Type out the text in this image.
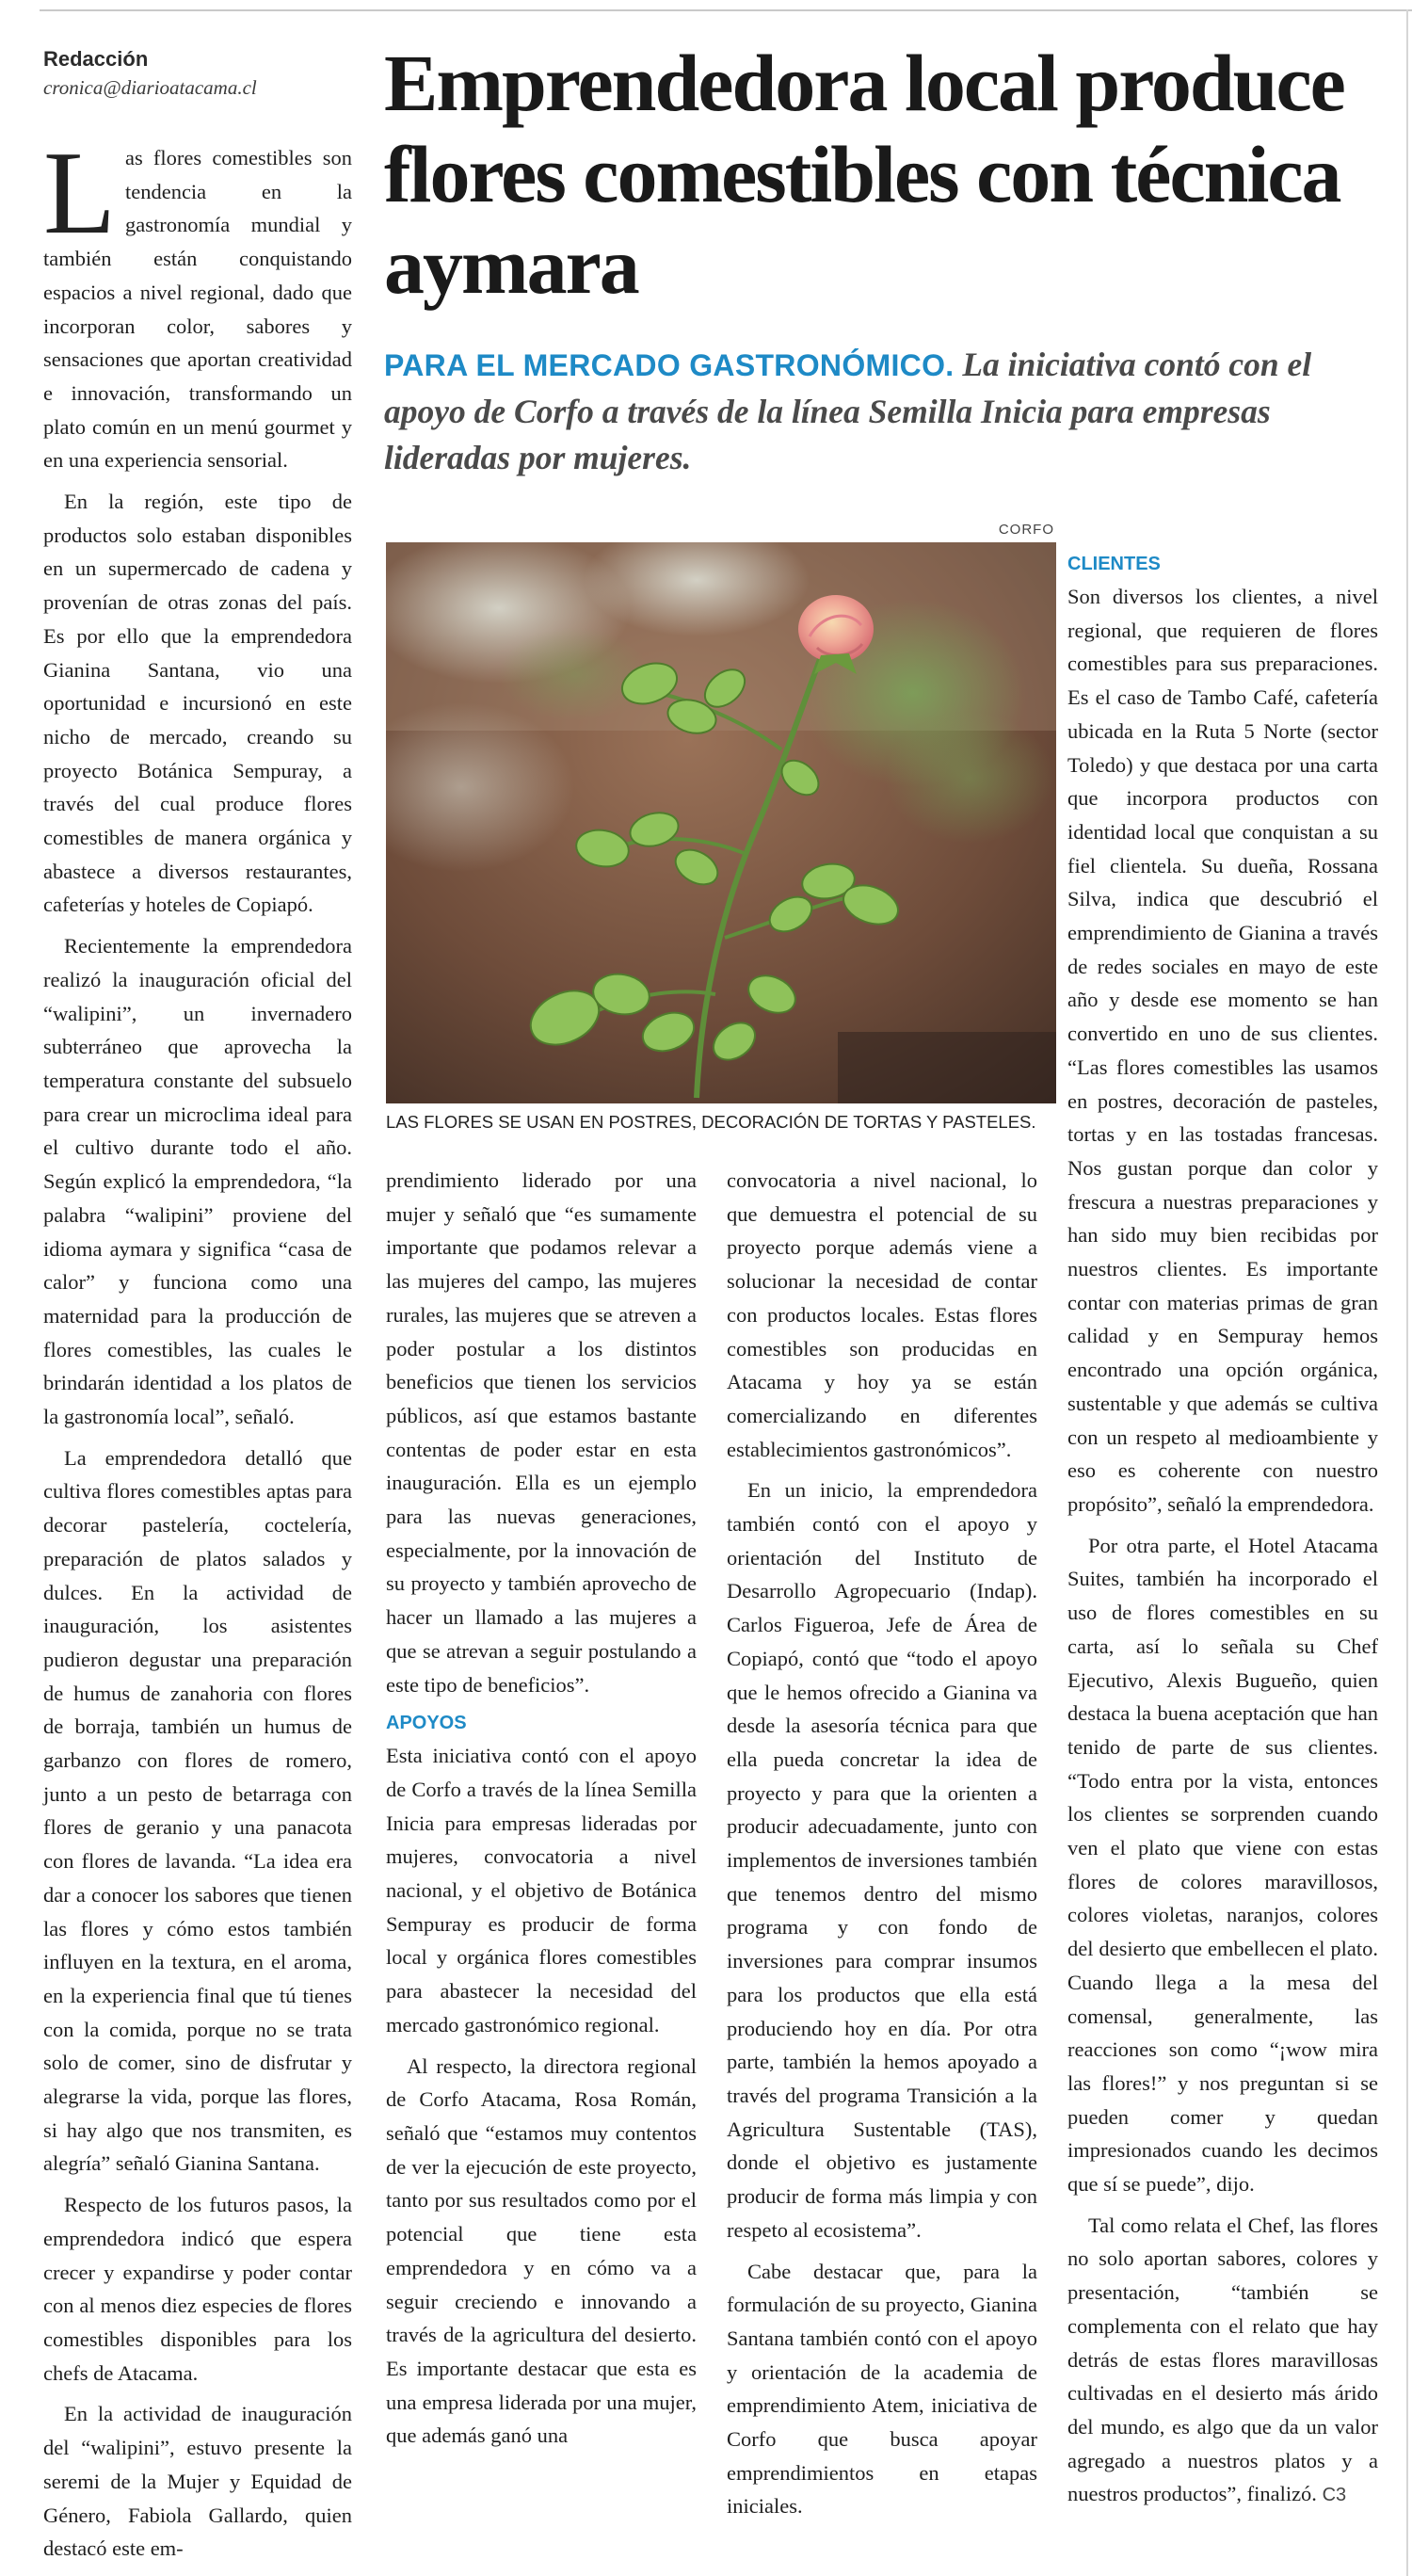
Redacción
cronica@diarioatacama.cl	Emprendedora local produce flores comestibles con técnica aymara
PARA EL MERCADO GASTRONÓMICO. La iniciativa contó con el apoyo de Corfo a través de la línea Semilla Inicia para empresas lideradas por mujeres.
CORFO
LAS FLORES SE USAN EN POSTRES, DECORACIÓN DE TORTAS Y PASTELES.

Las flores comestibles son tendencia en la gastronomía mundial y también están conquistando espacios a nivel regional, dado que incorporan color, sabores y sensaciones que aportan creatividad e innovación, transformando un plato común en un menú gourmet y en una experiencia sensorial.

En la región, este tipo de productos solo estaban disponibles en un supermercado de cadena y provenían de otras zonas del país. Es por ello que la emprendedora Gianina Santana, vio una oportunidad e incursionó en este nicho de mercado, creando su proyecto Botánica Sempuray, a través del cual produce flores comestibles de manera orgánica y abastece a diversos restaurantes, cafeterías y hoteles de Copiapó.

Recientemente la emprendedora realizó la inauguración oficial del “walipini”, un invernadero subterráneo que aprovecha la temperatura constante del subsuelo para crear un microclima ideal para el cultivo durante todo el año. Según explicó la emprendedora, “la palabra “walipini” proviene del idioma aymara y significa “casa de calor” y funciona como una maternidad para la producción de flores comestibles, las cuales le brindarán identidad a los platos de la gastronomía local”, señaló.

La emprendedora detalló que cultiva flores comestibles aptas para decorar pastelería, coctelería, preparación de platos salados y dulces. En la actividad de inauguración, los asistentes pudieron degustar una preparación de humus de zanahoria con flores de borraja, también un humus de garbanzo con flores de romero, junto a un pesto de betarraga con flores de geranio y una panacota con flores de lavanda. “La idea era dar a conocer los sabores que tienen las flores y cómo estos también influyen en la textura, en el aroma, en la experiencia final que tú tienes con la comida, porque no se trata solo de comer, sino de disfrutar y alegrarse la vida, porque las flores, si hay algo que nos transmiten, es alegría” señaló Gianina Santana.

Respecto de los futuros pasos, la emprendedora indicó que espera crecer y expandirse y poder contar con al menos diez especies de flores comestibles disponibles para los chefs de Atacama.

En la actividad de inauguración del “walipini”, estuvo presente la seremi de la Mujer y Equidad de Género, Fabiola Gallardo, quien destacó este em-

prendimiento liderado por una mujer y señaló que “es sumamente importante que podamos relevar a las mujeres del campo, las mujeres rurales, las mujeres que se atreven a poder postular a los distintos beneficios que tienen los servicios públicos, así que estamos bastante contentas de poder estar en esta inauguración. Ella es un ejemplo para las nuevas generaciones, especialmente, por la innovación de su proyecto y también aprovecho de hacer un llamado a las mujeres a que se atrevan a seguir postulando a este tipo de beneficios”.

APOYOS

Esta iniciativa contó con el apoyo de Corfo a través de la línea Semilla Inicia para empresas lideradas por mujeres, convocatoria a nivel nacional, y el objetivo de Botánica Sempuray es producir de forma local y orgánica flores comestibles para abastecer la necesidad del mercado gastronómico regional.

Al respecto, la directora regional de Corfo Atacama, Rosa Román, señaló que “estamos muy contentos de ver la ejecución de este proyecto, tanto por sus resultados como por el potencial que tiene esta emprendedora y en cómo va a seguir creciendo e innovando a través de la agricultura del desierto. Es importante destacar que esta es una empresa liderada por una mujer, que además ganó una

convocatoria a nivel nacional, lo que demuestra el potencial de su proyecto porque además viene a solucionar la necesidad de contar con productos locales. Estas flores comestibles son producidas en Atacama y hoy ya se están comercializando en diferentes establecimientos gastronómicos”.

En un inicio, la emprendedora también contó con el apoyo y orientación del Instituto de Desarrollo Agropecuario (Indap). Carlos Figueroa, Jefe de Área de Copiapó, contó que “todo el apoyo que le hemos ofrecido a Gianina va desde la asesoría técnica para que ella pueda concretar la idea de proyecto y para que la orienten a producir adecuadamente, junto con implementos de inversiones también que tenemos dentro del mismo programa y con fondo de inversiones para comprar insumos para los productos que ella está produciendo hoy en día. Por otra parte, también la hemos apoyado a través del programa Transición a la Agricultura Sustentable (TAS), donde el objetivo es justamente producir de forma más limpia y con respeto al ecosistema”.

Cabe destacar que, para la formulación de su proyecto, Gianina Santana también contó con el apoyo y orientación de la academia de emprendimiento Atem, iniciativa de Corfo que busca apoyar emprendimientos en etapas iniciales.

CLIENTES

Son diversos los clientes, a nivel regional, que requieren de flores comestibles para sus preparaciones. Es el caso de Tambo Café, cafetería ubicada en la Ruta 5 Norte (sector Toledo) y que destaca por una carta que incorpora productos con identidad local que conquistan a su fiel clientela. Su dueña, Rossana Silva, indica que descubrió el emprendimiento de Gianina a través de redes sociales en mayo de este año y desde ese momento se han convertido en uno de sus clientes. “Las flores comestibles las usamos en postres, decoración de pasteles, tortas y en las tostadas francesas. Nos gustan porque dan color y frescura a nuestras preparaciones y han sido muy bien recibidas por nuestros clientes. Es importante contar con materias primas de gran calidad y en Sempuray hemos encontrado una opción orgánica, sustentable y que además se cultiva con un respeto al medioambiente y eso es coherente con nuestro propósito”, señaló la emprendedora.

Por otra parte, el Hotel Atacama Suites, también ha incorporado el uso de flores comestibles en su carta, así lo señala su Chef Ejecutivo, Alexis Bugueño, quien destaca la buena aceptación que han tenido de parte de sus clientes. “Todo entra por la vista, entonces los clientes se sorprenden cuando ven el plato que viene con estas flores de colores maravillosos, colores violetas, naranjos, colores del desierto que embellecen el plato. Cuando llega a la mesa del comensal, generalmente, las reacciones son como “¡wow mira las flores!” y nos preguntan si se pueden comer y quedan impresionados cuando les decimos que sí se puede”, dijo.

Tal como relata el Chef, las flores no solo aportan sabores, colores y presentación, “también se complementa con el relato que hay detrás de estas flores maravillosas cultivadas en el desierto más árido del mundo, es algo que da un valor agregado a nuestros platos y a nuestros productos”, finalizó. C3
